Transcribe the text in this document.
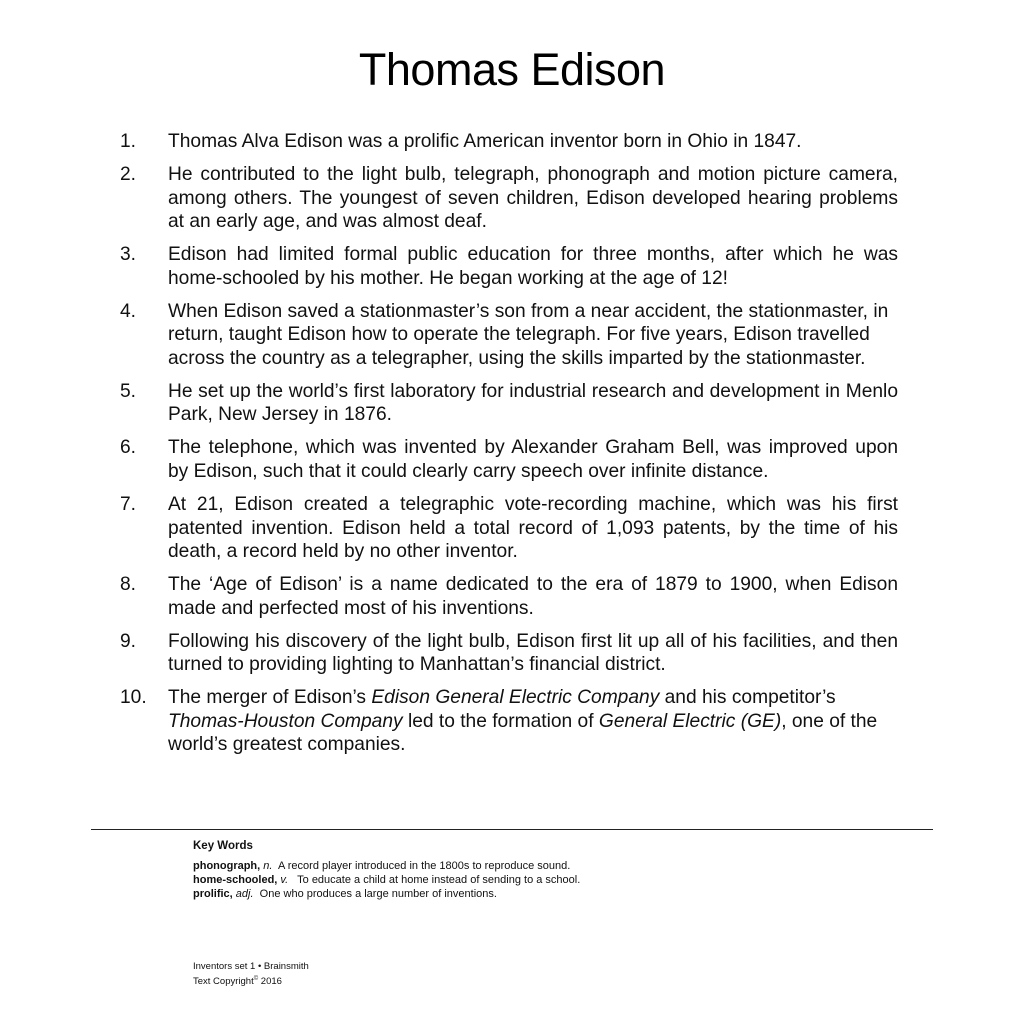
Thomas Edison
1. Thomas Alva Edison was a prolific American inventor born in Ohio in 1847.
2. He contributed to the light bulb, telegraph, phonograph and motion picture camera, among others. The youngest of seven children, Edison developed hearing problems at an early age, and was almost deaf.
3. Edison had limited formal public education for three months, after which he was home-schooled by his mother. He began working at the age of 12!
4. When Edison saved a stationmaster’s son from a near accident, the stationmaster, in return, taught Edison how to operate the telegraph. For five years, Edison travelled across the country as a telegrapher, using the skills imparted by the stationmaster.
5. He set up the world’s first laboratory for industrial research and development in Menlo Park, New Jersey in 1876.
6. The telephone, which was invented by Alexander Graham Bell, was improved upon by Edison, such that it could clearly carry speech over infinite distance.
7. At 21, Edison created a telegraphic vote-recording machine, which was his first patented invention. Edison held a total record of 1,093 patents, by the time of his death, a record held by no other inventor.
8. The ‘Age of Edison’ is a name dedicated to the era of 1879 to 1900, when Edison made and perfected most of his inventions.
9. Following his discovery of the light bulb, Edison first lit up all of his facilities, and then turned to providing lighting to Manhattan’s financial district.
10. The merger of Edison’s Edison General Electric Company and his competitor’s Thomas-Houston Company led to the formation of General Electric (GE), one of the world’s greatest companies.
Key Words
phonograph, n. A record player introduced in the 1800s to reproduce sound.
home-schooled, v. To educate a child at home instead of sending to a school.
prolific, adj. One who produces a large number of inventions.
Inventors set 1 • Brainsmith
Text Copyright© 2016
